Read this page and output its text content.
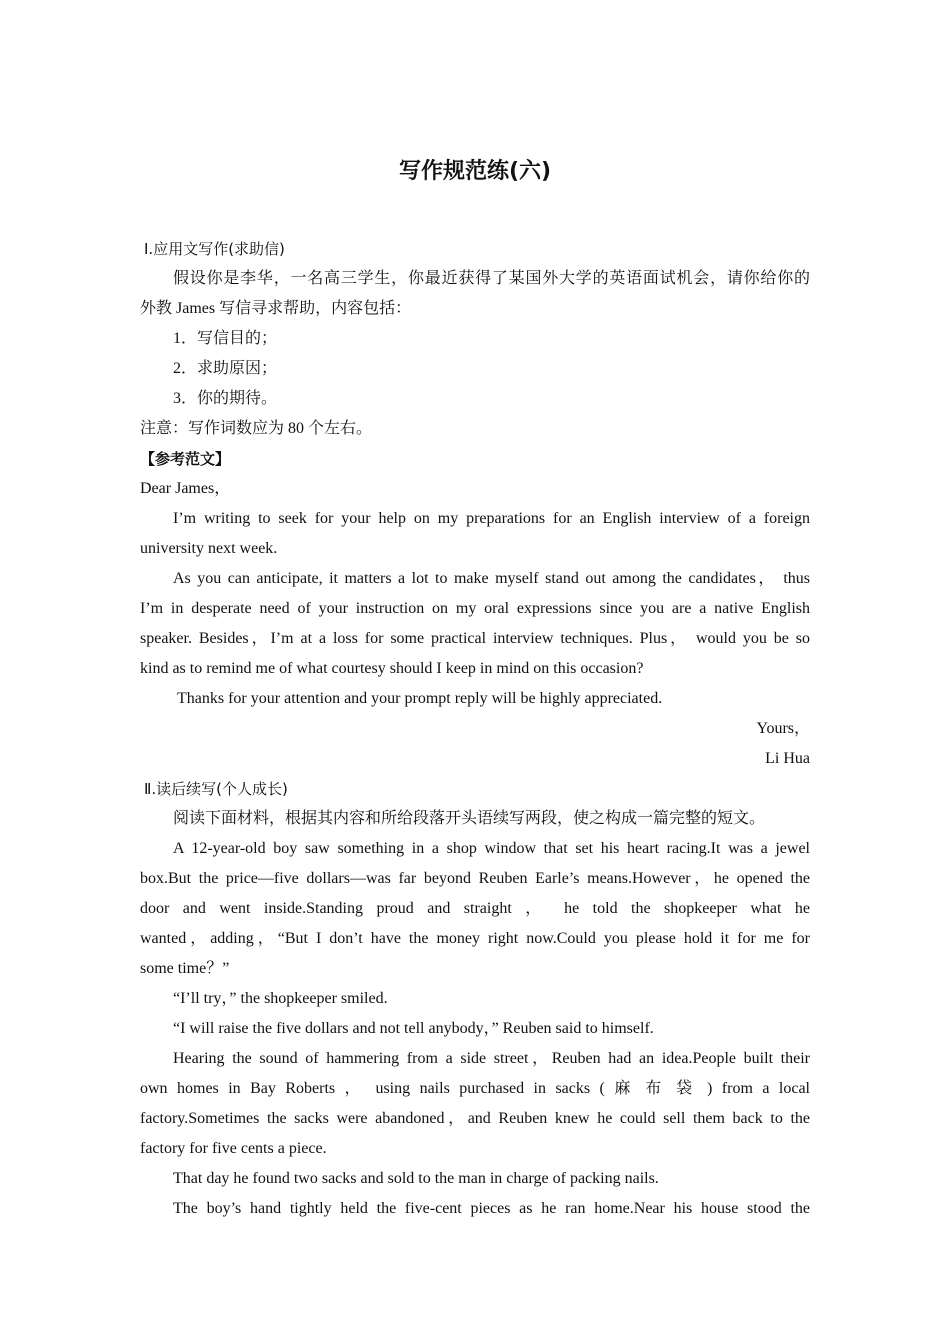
写作规范练(六)
Ⅰ.应用文写作(求助信)
假设你是李华，一名高三学生，你最近获得了某国外大学的英语面试机会，请你给你的
外教 James 写信寻求帮助，内容包括：
1．写信目的；
2．求助原因；
3．你的期待。
注意：写作词数应为 80 个左右。
【参考范文】
Dear James，
I’m writing to seek for your help on my preparations for an English interview of a foreign
university next week.
As you can anticipate, it matters a lot to make myself stand out among the candidates， thus
I’m in desperate need of your instruction on my oral expressions since you are a native English
speaker. Besides，I’m at a loss for some practical interview techniques. Plus， would you be so
kind as to remind me of what courtesy should I keep in mind on this occasion?
Thanks for your attention and your prompt reply will be highly appreciated.
Yours，
Li Hua
Ⅱ.读后续写(个人成长)
阅读下面材料，根据其内容和所给段落开头语续写两段，使之构成一篇完整的短文。
A 12-year-old boy saw something in a shop window that set his heart racing.It was a jewel
box.But the price—five dollars—was far beyond Reuben Earle’s means.However，he opened the
door and went inside.Standing proud and straight ， he told the shopkeeper what he
wanted，adding，“But I don’t have the money right now.Could you please hold it for me for
some time？”
“I’ll try，” the shopkeeper smiled.
“I will raise the five dollars and not tell anybody，” Reuben said to himself.
Hearing the sound of hammering from a side street，Reuben had an idea.People built their
own homes in Bay Roberts ， using nails purchased in sacks ( 麻 布 袋 ) from a local
factory.Sometimes the sacks were abandoned，and Reuben knew he could sell them back to the
factory for five cents a piece.
That day he found two sacks and sold to the man in charge of packing nails.
The boy’s hand tightly held the five-cent pieces as he ran home.Near his house stood the
